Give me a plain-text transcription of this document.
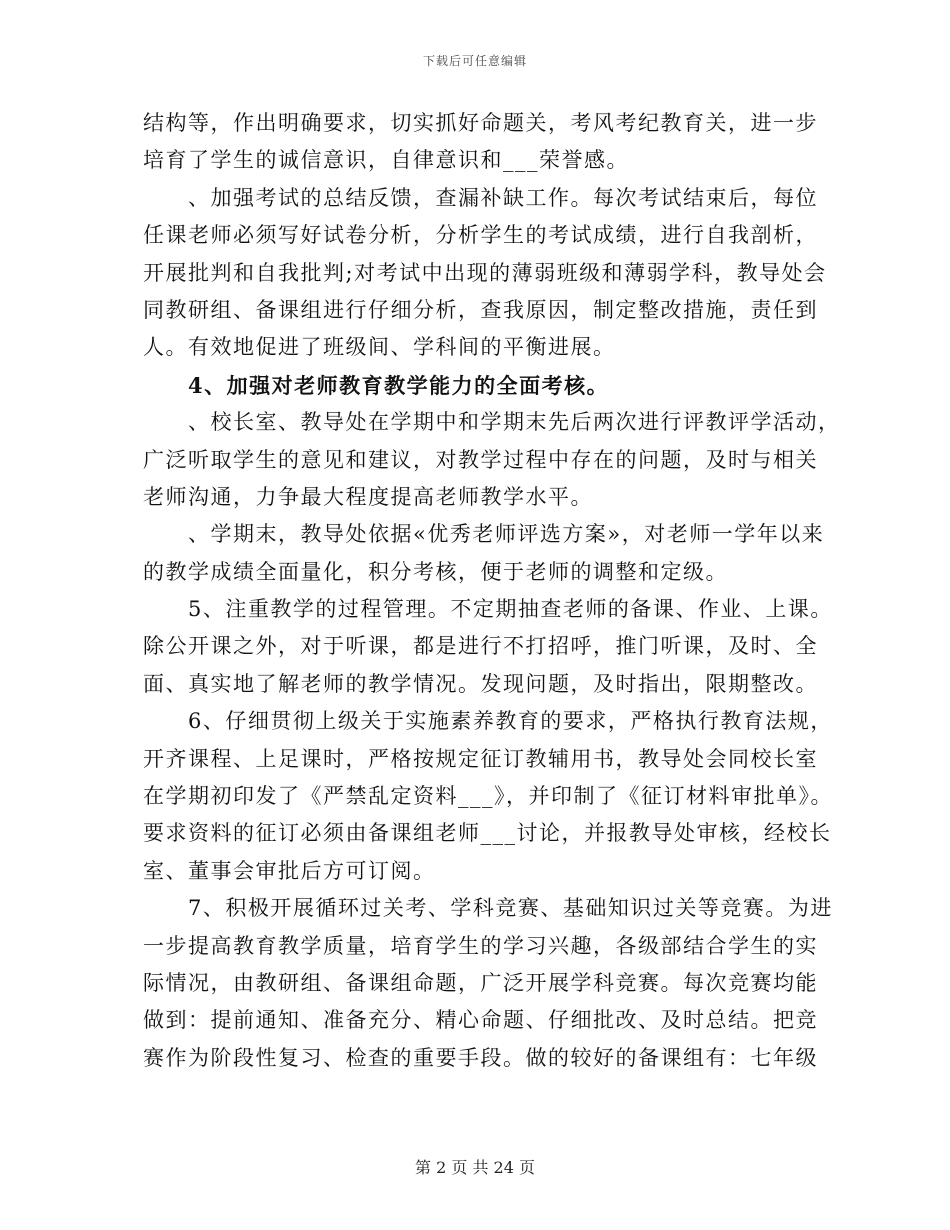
下载后可任意编辑
结构等，作出明确要求，切实抓好命题关，考风考纪教育关，进一步
培育了学生的诚信意识，自律意识和___荣誉感。
　　、加强考试的总结反馈，查漏补缺工作。每次考试结束后，每位
任课老师必须写好试卷分析，分析学生的考试成绩，进行自我剖析，
开展批判和自我批判;对考试中出现的薄弱班级和薄弱学科，教导处会
同教研组、备课组进行仔细分析，查我原因，制定整改措施，责任到
人。有效地促进了班级间、学科间的平衡进展。
　　4、加强对老师教育教学能力的全面考核。
　　、校长室、教导处在学期中和学期末先后两次进行评教评学活动，
广泛听取学生的意见和建议，对教学过程中存在的问题，及时与相关
老师沟通，力争最大程度提高老师教学水平。
　　、学期末，教导处依据«优秀老师评选方案»，对老师一学年以来
的教学成绩全面量化，积分考核，便于老师的调整和定级。
　　5、注重教学的过程管理。不定期抽查老师的备课、作业、上课。
除公开课之外，对于听课，都是进行不打招呼，推门听课，及时、全
面、真实地了解老师的教学情况。发现问题，及时指出，限期整改。
　　6、仔细贯彻上级关于实施素养教育的要求，严格执行教育法规，
开齐课程、上足课时，严格按规定征订教辅用书，教导处会同校长室
在学期初印发了《严禁乱定资料___》，并印制了《征订材料审批单》。
要求资料的征订必须由备课组老师___讨论，并报教导处审核，经校长
室、董事会审批后方可订阅。
　　7、积极开展循环过关考、学科竞赛、基础知识过关等竞赛。为进
一步提高教育教学质量，培育学生的学习兴趣，各级部结合学生的实
际情况，由教研组、备课组命题，广泛开展学科竞赛。每次竞赛均能
做到：提前通知、准备充分、精心命题、仔细批改、及时总结。把竞
赛作为阶段性复习、检查的重要手段。做的较好的备课组有：七年级
第 2 页 共 24 页
